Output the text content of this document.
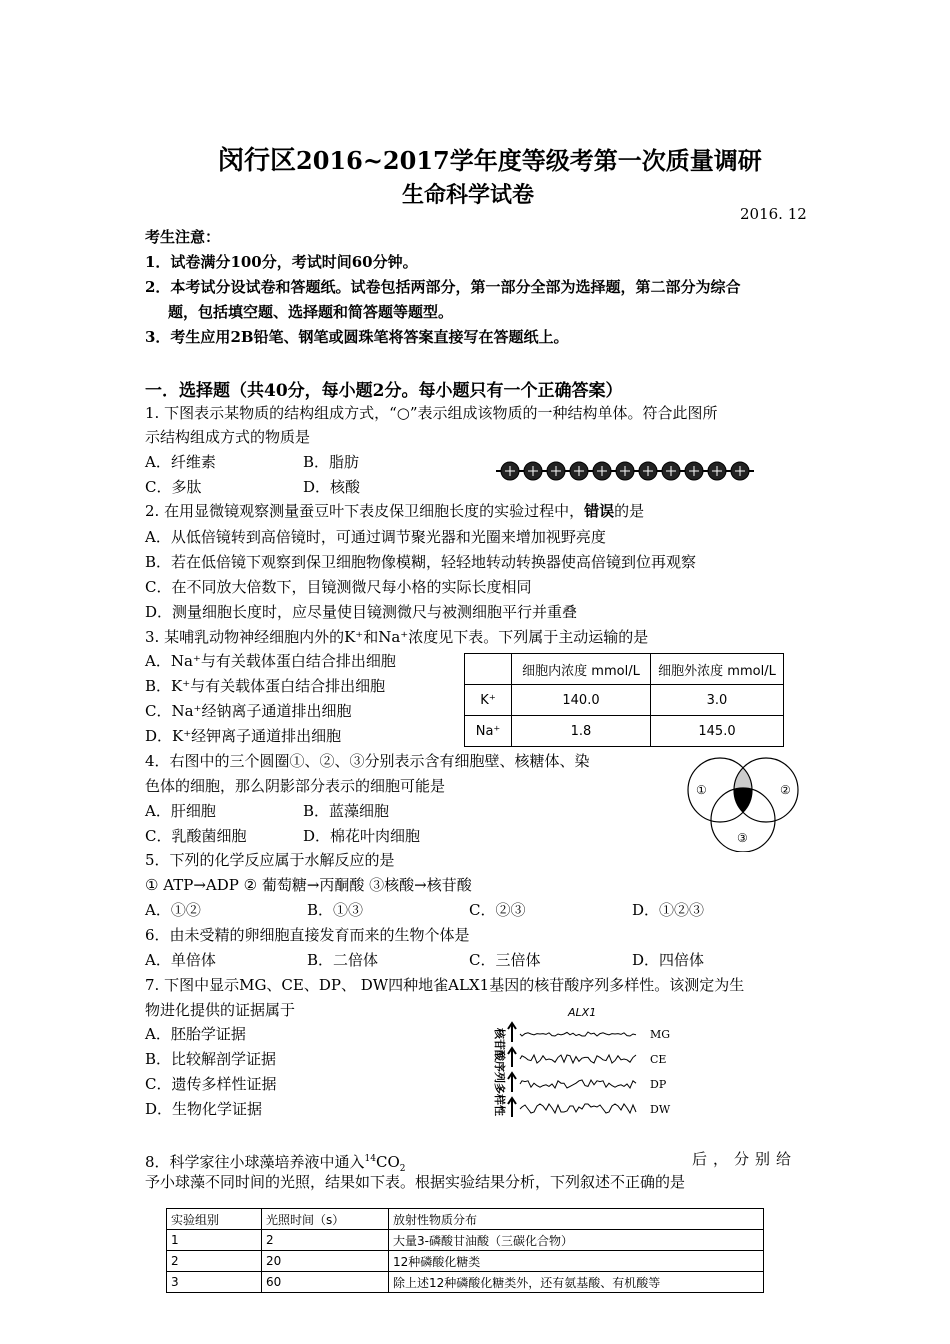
闵行区2016~2017学年度等级考第一次质量调研
生命科学试卷
2016. 12
考生注意：
1．试卷满分100分，考试时间60分钟。
2．本考试分设试卷和答题纸。试卷包括两部分，第一部分全部为选择题，第二部分为综合
题，包括填空题、选择题和简答题等题型。
3．考生应用2B铅笔、钢笔或圆珠笔将答案直接写在答题纸上。
一．选择题（共40分，每小题2分。每小题只有一个正确答案）
1. 下图表示某物质的结构组成方式，“○”表示组成该物质的一种结构单体。符合此图所
示结构组成方式的物质是
A．纤维素	B．脂肪
C．多肽	D．核酸
2. 在用显微镜观察测量蚕豆叶下表皮保卫细胞长度的实验过程中，错误的是
A．从低倍镜转到高倍镜时，可通过调节聚光器和光圈来增加视野亮度
B．若在低倍镜下观察到保卫细胞物像模糊，轻轻地转动转换器使高倍镜到位再观察
C．在不同放大倍数下，目镜测微尺每小格的实际长度相同
D．测量细胞长度时，应尽量使目镜测微尺与被测细胞平行并重叠
3. 某哺乳动物神经细胞内外的K⁺和Na⁺浓度见下表。下列属于主动运输的是
A．Na⁺与有关载体蛋白结合排出细胞
B．K⁺与有关载体蛋白结合排出细胞
C．Na⁺经钠离子通道排出细胞
D．K⁺经钾离子通道排出细胞
	细胞内浓度 mmol/L	细胞外浓度 mmol/L
K⁺	140.0	3.0
Na⁺	1.8	145.0
4．右图中的三个圆圈①、②、③分别表示含有细胞壁、核糖体、染
色体的细胞，那么阴影部分表示的细胞可能是
A．肝细胞	B．蓝藻细胞
C．乳酸菌细胞	D．棉花叶肉细胞
①	②
③
5．下列的化学反应属于水解反应的是
① ATP→ADP ② 葡萄糖→丙酮酸 ③核酸→核苷酸
A．①②	B．①③	C．②③	D．①②③
6．由未受精的卵细胞直接发育而来的生物个体是
A．单倍体	B．二倍体	C．三倍体	D．四倍体
7. 下图中显示MG、CE、DP、 DW四种地雀ALX1基因的核苷酸序列多样性。该测定为生
物进化提供的证据属于
A．胚胎学证据
B．比较解剖学证据
C．遗传多样性证据
D．生物化学证据
ALX1
核苷酸序列多样性	MG
CE
DP
DW
8．科学家往小球藻培养液中通入$^{14}CO_2$
后，分别给
予小球藻不同时间的光照，结果如下表。根据实验结果分析，下列叙述不正确的是
实验组别	光照时间（s）	放射性物质分布
1	2	大量3-磷酸甘油酸（三碳化合物）
2	20	12种磷酸化糖类
3	60	除上述12种磷酸化糖类外，还有氨基酸、有机酸等
